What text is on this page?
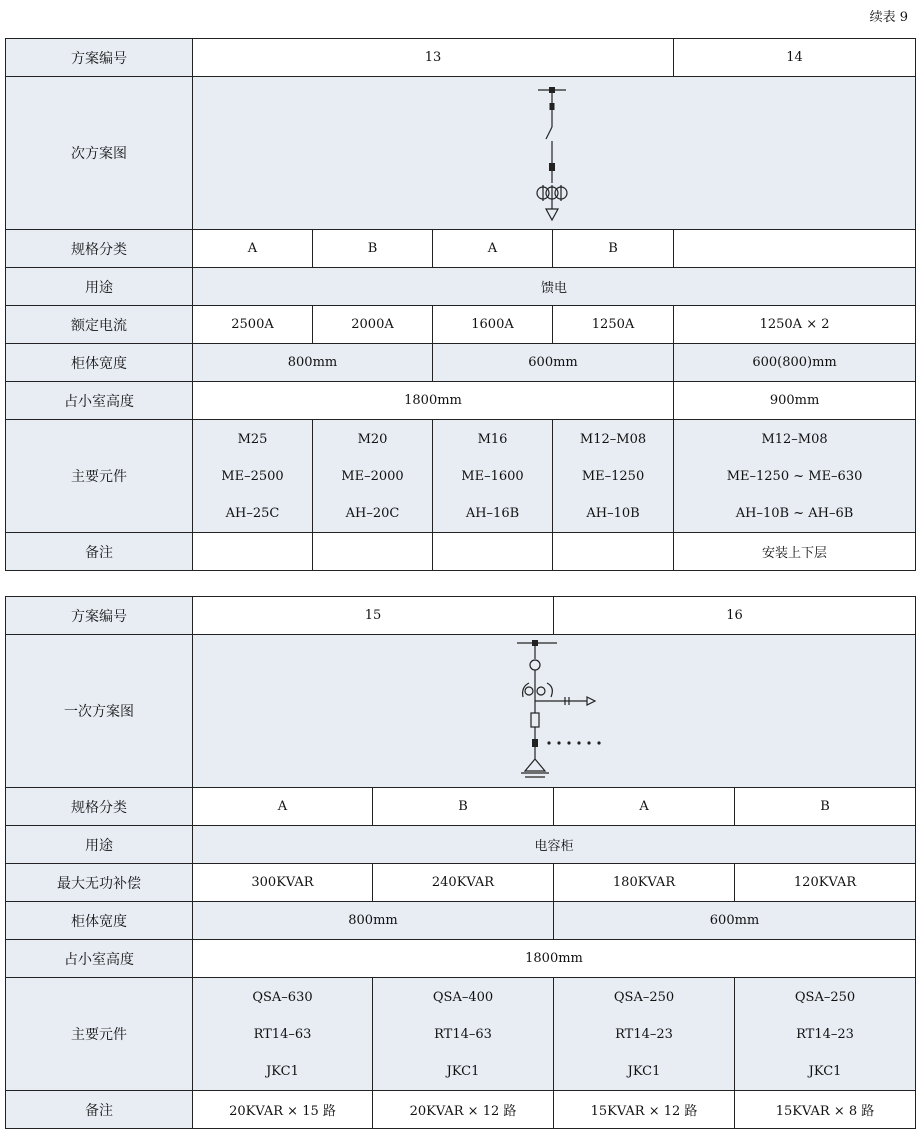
续表 9
方案编号	13				14
次方案图	

规格分类	A	B	A	B	
用途	馈电				
额定电流	2500A	2000A	1600A	1250A	1250A × 2
柜体宽度	800mm		600mm		600(800)mm
占小室高度	1800mm				900mm
主要元件	M25
ME–2500
AH–25C	M20
ME–2000
AH–20C	M16
ME–1600
AH–16B	M12–M08
ME–1250
AH–10B	M12–M08
ME–1250 ~ ME–630
AH–10B ~ AH–6B

备注					安装上下层
方案编号	15		16	
一次方案图	

规格分类	A	B	A	B
用途	电容柜			
最大无功补偿	300KVAR	240KVAR	180KVAR	120KVAR
柜体宽度	800mm		600mm	
占小室高度	1800mm			
主要元件	QSA–630
RT14–63
JKC1	QSA–400
RT14–63
JKC1	QSA–250
RT14–23
JKC1	QSA–250
RT14–23
JKC1

备注	20KVAR × 15 路	20KVAR × 12 路	15KVAR × 12 路	15KVAR × 8 路
